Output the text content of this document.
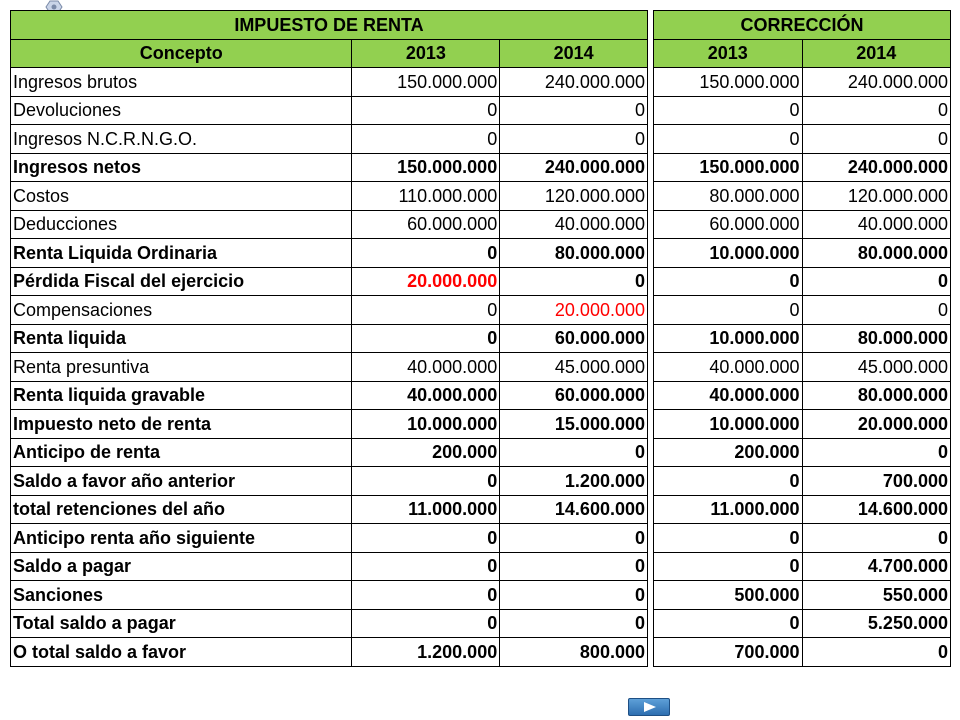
IMPUESTO DE RENTA		
Concepto	2013	2014
Ingresos brutos	150.000.000	240.000.000
Devoluciones	0	0
Ingresos N.C.R.N.G.O.	0	0
Ingresos netos	150.000.000	240.000.000
Costos	110.000.000	120.000.000
Deducciones	60.000.000	40.000.000
Renta Liquida Ordinaria	0	80.000.000
Pérdida Fiscal del ejercicio	20.000.000	0
Compensaciones	0	20.000.000
Renta liquida	0	60.000.000
Renta presuntiva	40.000.000	45.000.000
Renta liquida gravable	40.000.000	60.000.000
Impuesto neto de renta	10.000.000	15.000.000
Anticipo de renta	200.000	0
Saldo a favor año anterior	0	1.200.000
total retenciones del año	11.000.000	14.600.000
Anticipo renta año siguiente	0	0
Saldo a pagar	0	0
Sanciones	0	0
Total saldo a pagar	0	0
O total saldo a favor	1.200.000	800.000
CORRECCIÓN	
2013	2014
150.000.000	240.000.000
0	0
0	0
150.000.000	240.000.000
80.000.000	120.000.000
60.000.000	40.000.000
10.000.000	80.000.000
0	0
0	0
10.000.000	80.000.000
40.000.000	45.000.000
40.000.000	80.000.000
10.000.000	20.000.000
200.000	0
0	700.000
11.000.000	14.600.000
0	0
0	4.700.000
500.000	550.000
0	5.250.000
700.000	0
